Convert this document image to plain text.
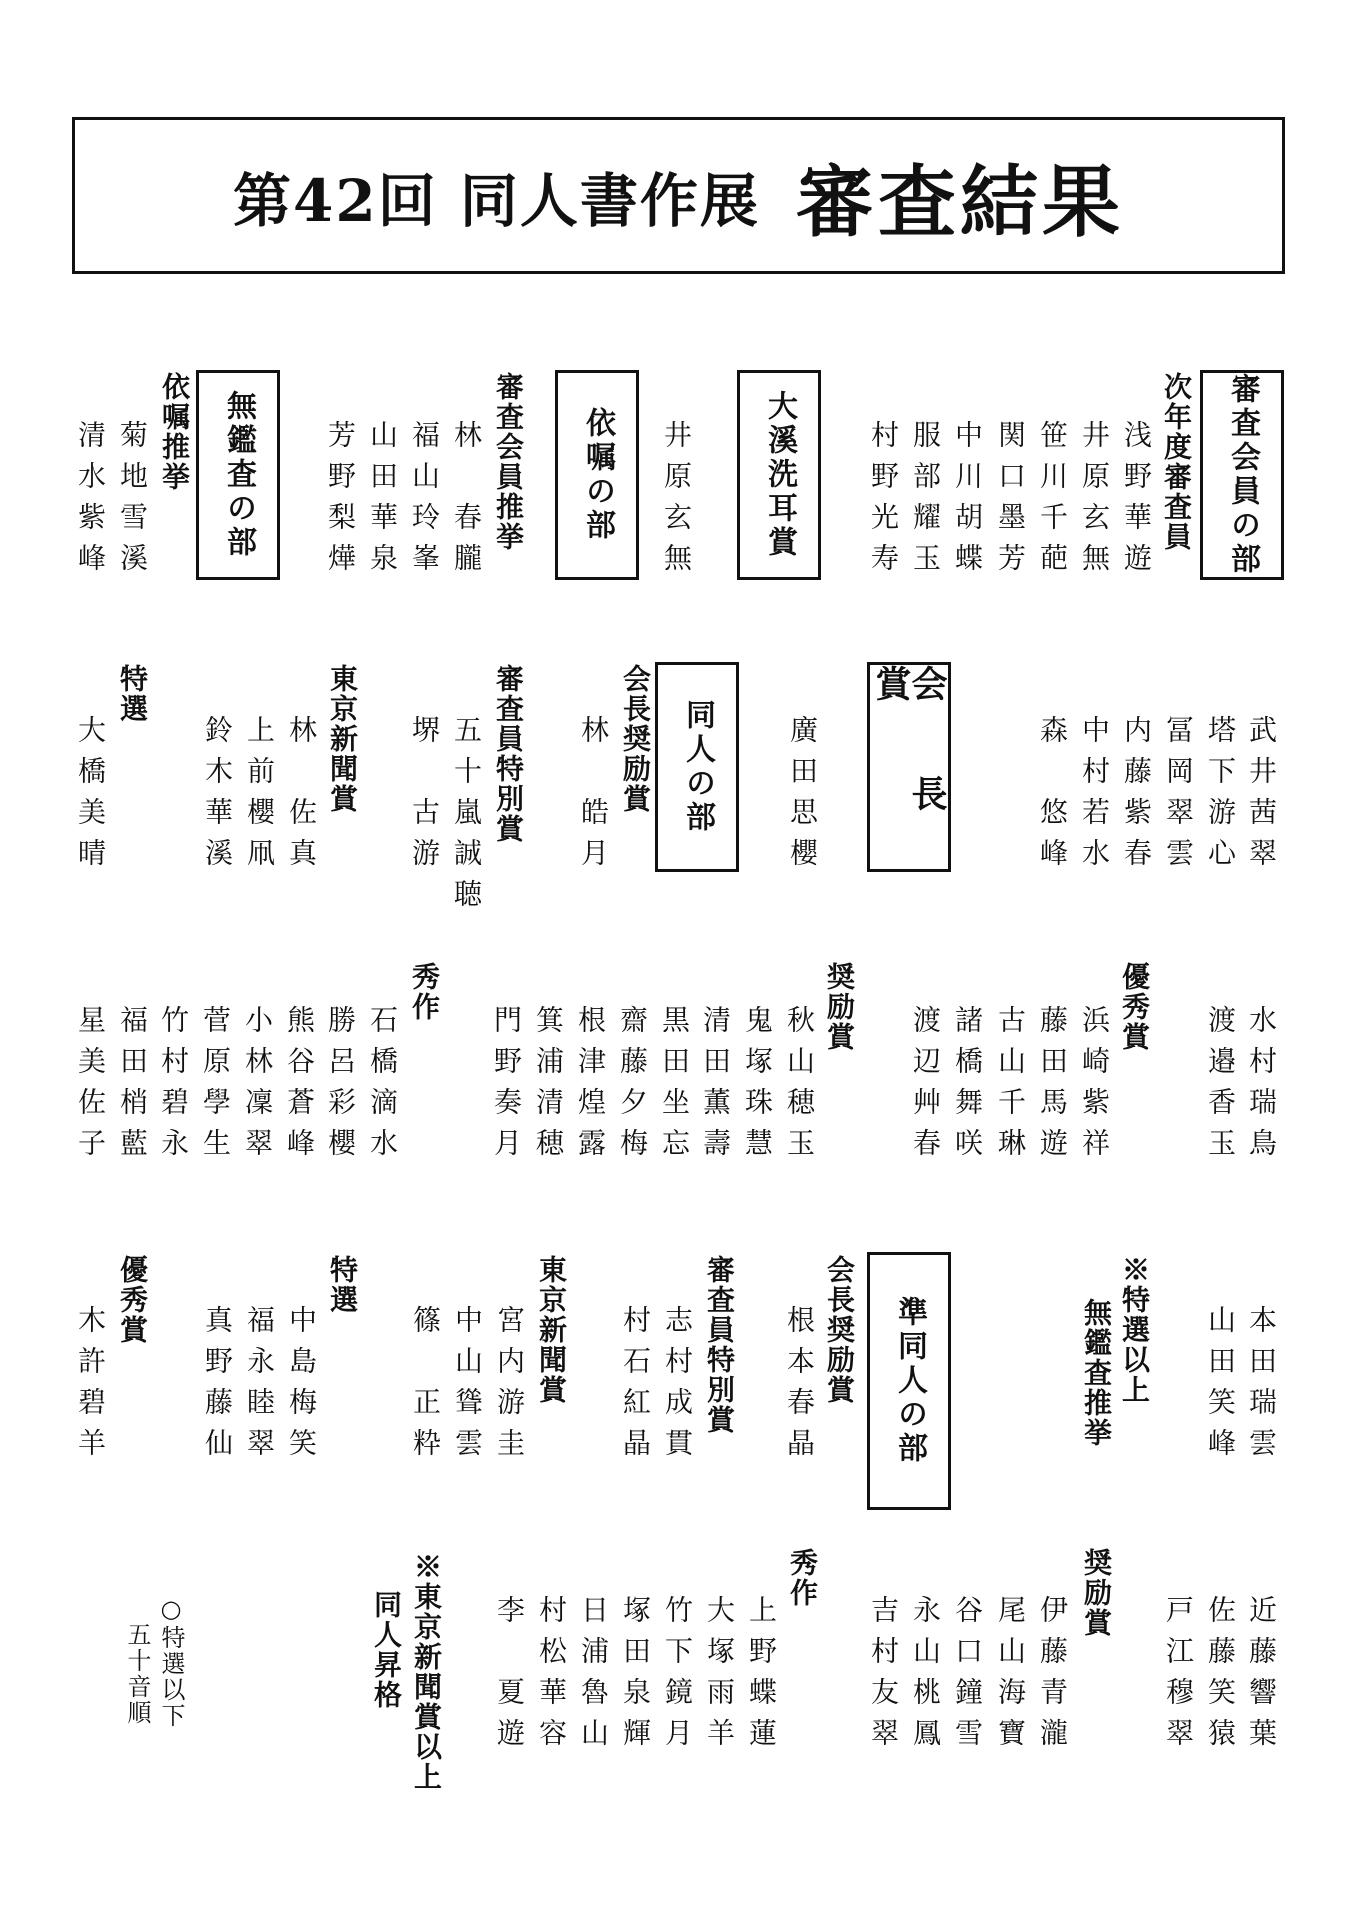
第42回 同人書作展 審査結果
審査会員の部
次年度審査員
浅野華遊
井原玄無
笹川千葩
関口墨芳
中川胡蝶
服部耀玉
村野光寿
大溪洗耳賞
井原玄無
依嘱の部
審査会員推挙
林　春朧
福山玲峯
山田華泉
芳野梨燁
無鑑査の部
依嘱推挙
菊地雪溪
清水紫峰
武井茜翠
塔下游心
冨岡翠雲
内藤紫春
中村若水
森　悠峰
会 長 賞
廣田思櫻
同人の部
会長奨励賞
林　皓月
審査員特別賞
五十嵐誠聴
堺　古游
東京新聞賞
林　佐真
上前櫻凧
鈴木華溪
特選
大橋美晴
水村瑞鳥
渡邉香玉
優秀賞
浜崎紫祥
藤田馬遊
古山千琳
諸橋舞咲
渡辺艸春
奨励賞
秋山穂玉
鬼塚珠慧
清田薫壽
黒田坐忘
齋藤夕梅
根津煌露
箕浦清穂
門野奏月
秀作
石橋滴水
勝呂彩櫻
熊谷蒼峰
小林凜翠
菅原學生
竹村碧永
福田梢藍
星美佐子
本田瑞雲
山田笑峰
※特選以上
無鑑査推挙
準同人の部
会長奨励賞
根本春晶
審査員特別賞
志村成貫
村石紅晶
東京新聞賞
宮内游圭
中山聳雲
篠　正粋
特選
中島梅笑
福永睦翠
真野藤仙
優秀賞
木許碧羊
近藤響葉
佐藤笑猿
戸江穆翠
奨励賞
伊藤青瀧
尾山海寶
谷口鐘雪
永山桃鳳
吉村友翠
秀作
上野蝶蓮
大塚雨羊
竹下鏡月
塚田泉輝
日浦魯山
村松華容
李　夏遊
※東京新聞賞以上
同人昇格
○特選以下
五十音順
